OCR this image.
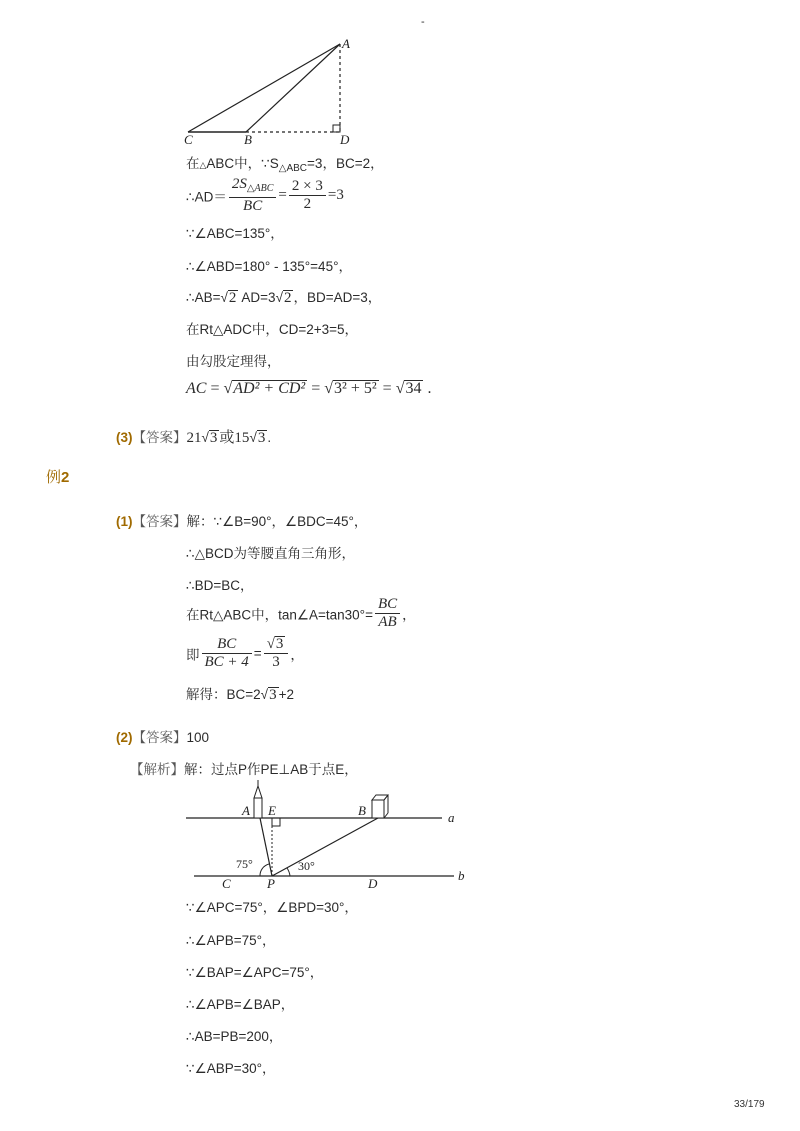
-
A
C	B	D
在△ABC中，$\because S_{\triangle ABC}=3$，BC=2，
∴AD＝ $\frac{2S_{\triangle ABC}}{BC} = \frac{2 \times 3}{2} =3$
∵∠ABC=135°，
∴∠ABD=180° - 135°=45°，
∴AB=√2 AD=3√2 ，BD=AD=3，
在Rt△ADC中，CD=2+3=5，
由勾股定理得，
AC = √AD² + CD² = √3² + 5² = √34 .
(3)【答案】21√3 或15√3 .
例2
(1)【答案】解：∵∠B=90°，∠BDC=45°，
∴△BCD为等腰直角三角形，
∴BD=BC，
在Rt△ABC中，tan∠A=tan30°= $\frac{BC}{AB}$ ，
即 $\frac{BC}{BC + 4} = \frac{√3}{3}$ ，
解得：BC=2√3 +2
(2)【答案】100
【解析】解：过点P作PE⊥AB于点E，
A E	B	a
b
C	P	D
75°	30°
∵∠APC=75°，∠BPD=30°，
∴∠APB=75°，
∵∠BAP=∠APC=75°，
∴∠APB=∠BAP，
∴AB=PB=200，
∵∠ABP=30°，
33/179
